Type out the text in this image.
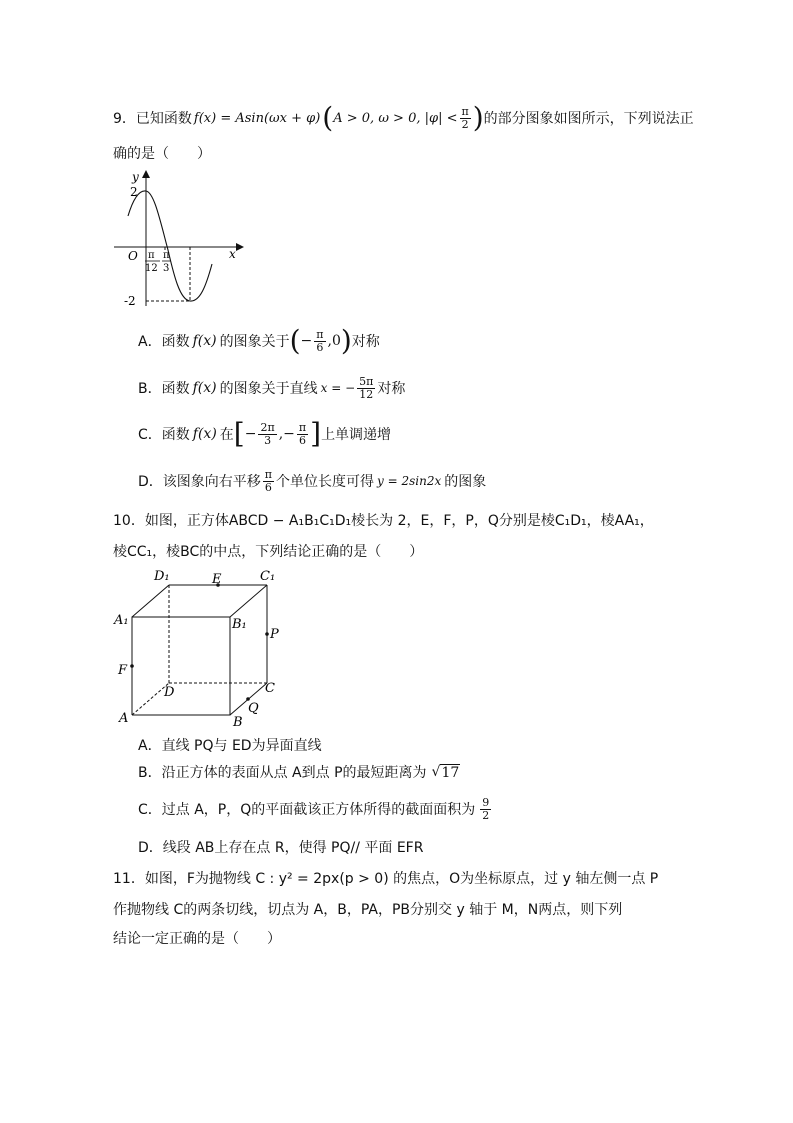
9． 已知函数 f(x) = Asin(ωx + φ) ( A > 0, ω > 0, $|\varphi| < \frac{\pi}{2}$ ) 的部分图象如图所示，下列说法正
确的是（　　）
y
x
O
2
-2
π
12
π
3
A．函数 f(x) 的图象关于 ( − $\frac{\pi}{6} ,0$ ) 对称
B．函数 f(x) 的图象关于直线 x = − $\frac{5\pi}{12}$ 对称
C．函数 f(x) 在 [ − $\frac{2\pi}{3}$ ,− $\frac{\pi}{6}$ ] 上单调递增
D．该图象向右平移 $\frac{\pi}{6}$ 个单位长度可得 y = 2sin2x 的图象
10．如图，正方体ABCD − A₁B₁C₁D₁棱长为 2，E，F，P，Q分别是棱C₁D₁，棱AA₁，
棱CC₁，棱BC的中点，下列结论正确的是（　　）
D₁	E	C₁
A₁	B₁
P
F
D	C
A	B
Q
A．直线 PQ与 ED为异面直线
B．沿正方体的表面从点 A到点 P的最短距离为 √ 17
C．过点 A，P，Q的平面截该正方体所得的截面面积为 $\frac{9}{2}$
D．线段 AB上存在点 R，使得 PQ// 平面 EFR
11．如图，F为抛物线 C : y² = 2px(p > 0) 的焦点，O为坐标原点，过 y 轴左侧一点 P
作抛物线 C的两条切线，切点为 A，B，PA，PB分别交 y 轴于 M，N两点，则下列
结论一定正确的是（　　）
